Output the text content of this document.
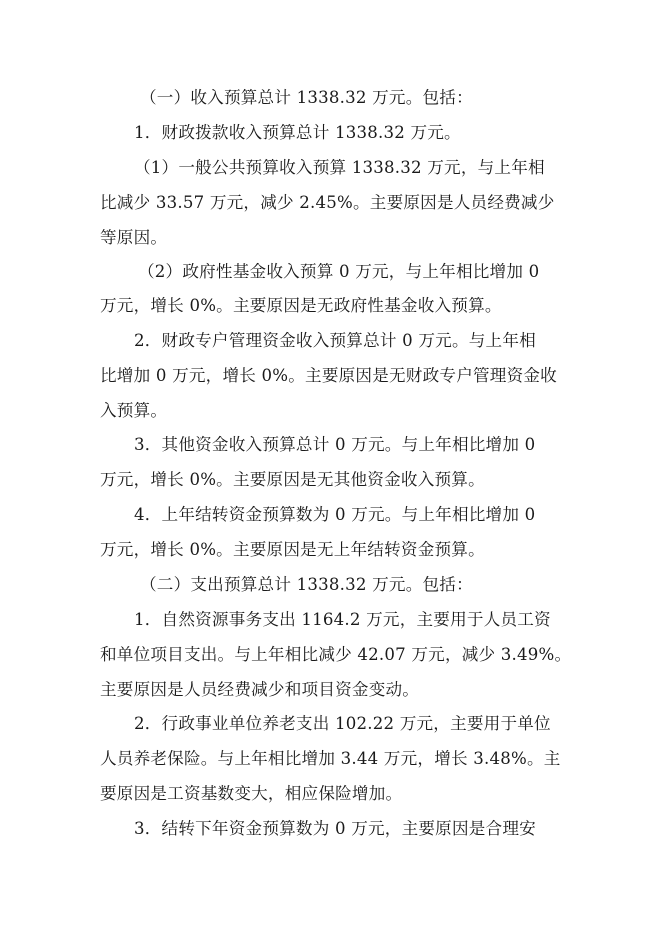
（一）收入预算总计 1338.32 万元。包括：
1．财政拨款收入预算总计 1338.32 万元。
（1）一般公共预算收入预算 1338.32 万元，与上年相
比减少 33.57 万元，减少 2.45%。主要原因是人员经费减少
等原因。
（2）政府性基金收入预算 0 万元，与上年相比增加 0
万元，增长 0%。主要原因是无政府性基金收入预算。
2．财政专户管理资金收入预算总计 0 万元。与上年相
比增加 0 万元，增长 0%。主要原因是无财政专户管理资金收
入预算。
3．其他资金收入预算总计 0 万元。与上年相比增加 0
万元，增长 0%。主要原因是无其他资金收入预算。
4．上年结转资金预算数为 0 万元。与上年相比增加 0
万元，增长 0%。主要原因是无上年结转资金预算。
（二）支出预算总计 1338.32 万元。包括：
1．自然资源事务支出 1164.2 万元，主要用于人员工资
和单位项目支出。与上年相比减少 42.07 万元，减少 3.49%。
主要原因是人员经费减少和项目资金变动。
2．行政事业单位养老支出 102.22 万元，主要用于单位
人员养老保险。与上年相比增加 3.44 万元，增长 3.48%。主
要原因是工资基数变大，相应保险增加。
3．结转下年资金预算数为 0 万元，主要原因是合理安
